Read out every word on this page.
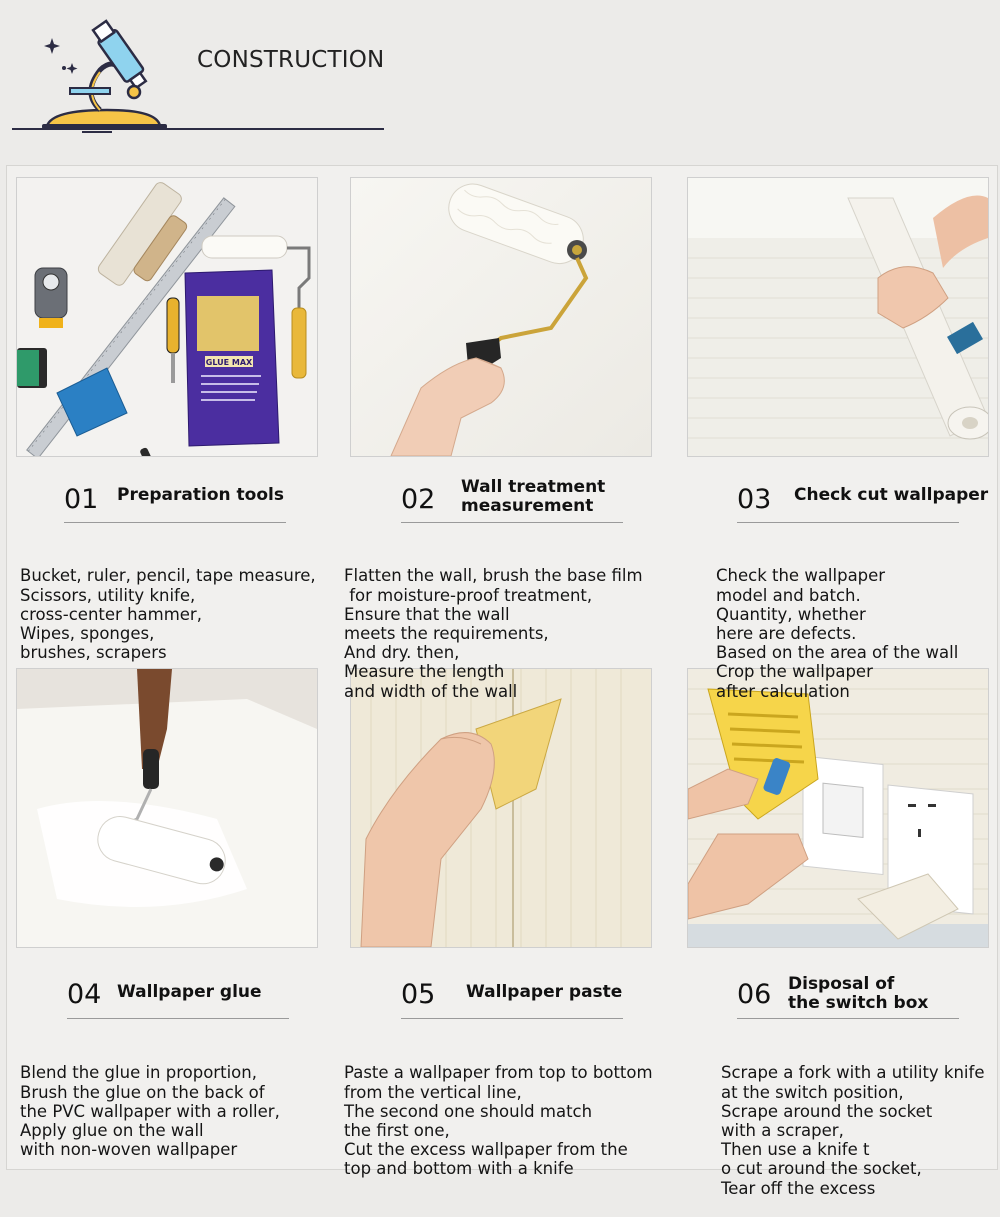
CONSTRUCTION
GLUE MAX
01 Preparation tools

Bucket, ruler, pencil, tape measure,
Scissors, utility knife,
cross-center hammer,
Wipes, sponges,
brushes, scrapers

02 Wall treatment
measurement

Flatten the wall, brush the base film
for moisture-proof treatment,
Ensure that the wall
meets the requirements,
And dry. then,
Measure the length
and width of the wall

03 Check cut wallpaper

Check the wallpaper
model and batch.
Quantity, whether
here are defects.
Based on the area of the wall
Crop the wallpaper
after calculation

04 Wallpaper glue

Blend the glue in proportion,
Brush the glue on the back of
the PVC wallpaper with a roller,
Apply glue on the wall
with non-woven wallpaper

05 Wallpaper paste

Paste a wallpaper from top to bottom
from the vertical line,
The second one should match
the first one,
Cut the excess wallpaper from the
top and bottom with a knife

06 Disposal of
the switch box

Scrape a fork with a utility knife
at the switch position,
Scrape around the socket
with a scraper,
Then use a knife t
o cut around the socket,
Tear off the excess
